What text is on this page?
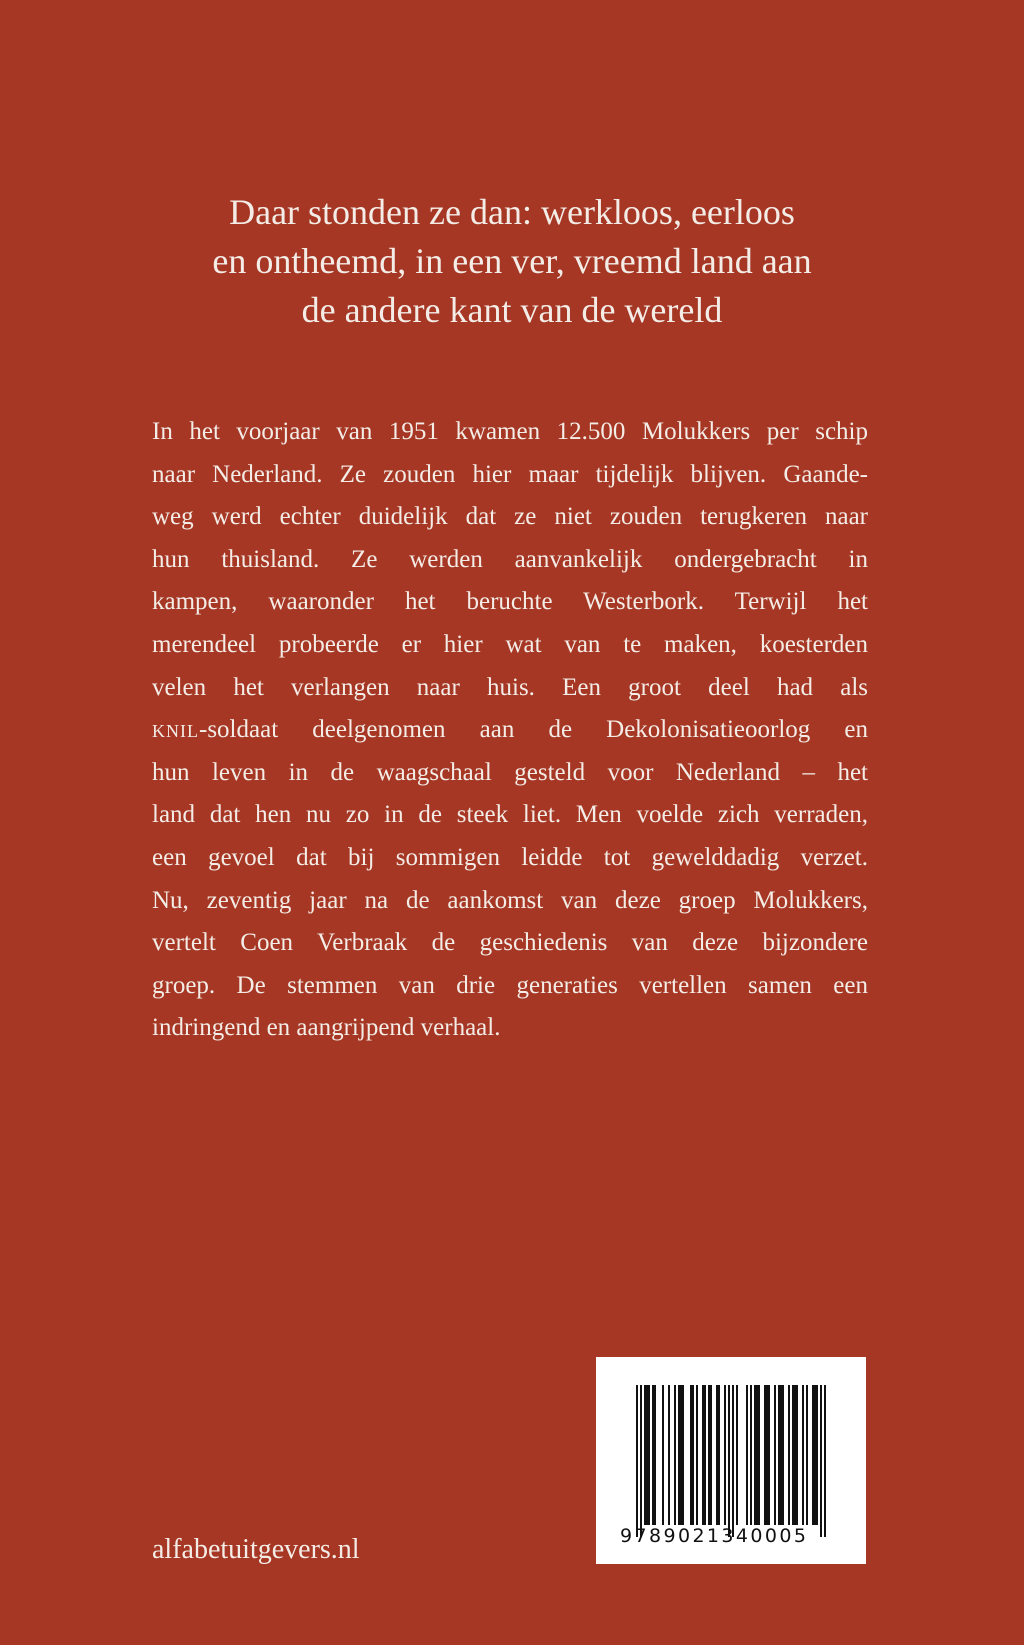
Daar stonden ze dan: werkloos, eerloos
en ontheemd, in een ver, vreemd land aan
de andere kant van de wereld
In het voorjaar van 1951 kwamen 12.500 Molukkers per schip
naar Nederland. Ze zouden hier maar tijdelijk blijven. Gaande-
weg werd echter duidelijk dat ze niet zouden terugkeren naar
hun thuisland. Ze werden aanvankelijk ondergebracht in
kampen, waaronder het beruchte Westerbork. Terwijl het
merendeel probeerde er hier wat van te maken, koesterden
velen het verlangen naar huis. Een groot deel had als
knil-soldaat deelgenomen aan de Dekolonisatieoorlog en
hun leven in de waagschaal gesteld voor Nederland – het
land dat hen nu zo in de steek liet. Men voelde zich verraden,
een gevoel dat bij sommigen leidde tot gewelddadig verzet.
Nu, zeventig jaar na de aankomst van deze groep Molukkers,
vertelt Coen Verbraak de geschiedenis van deze bijzondere
groep. De stemmen van drie generaties vertellen samen een
indringend en aangrijpend verhaal.
alfabetuitgevers.nl	9789021340005
